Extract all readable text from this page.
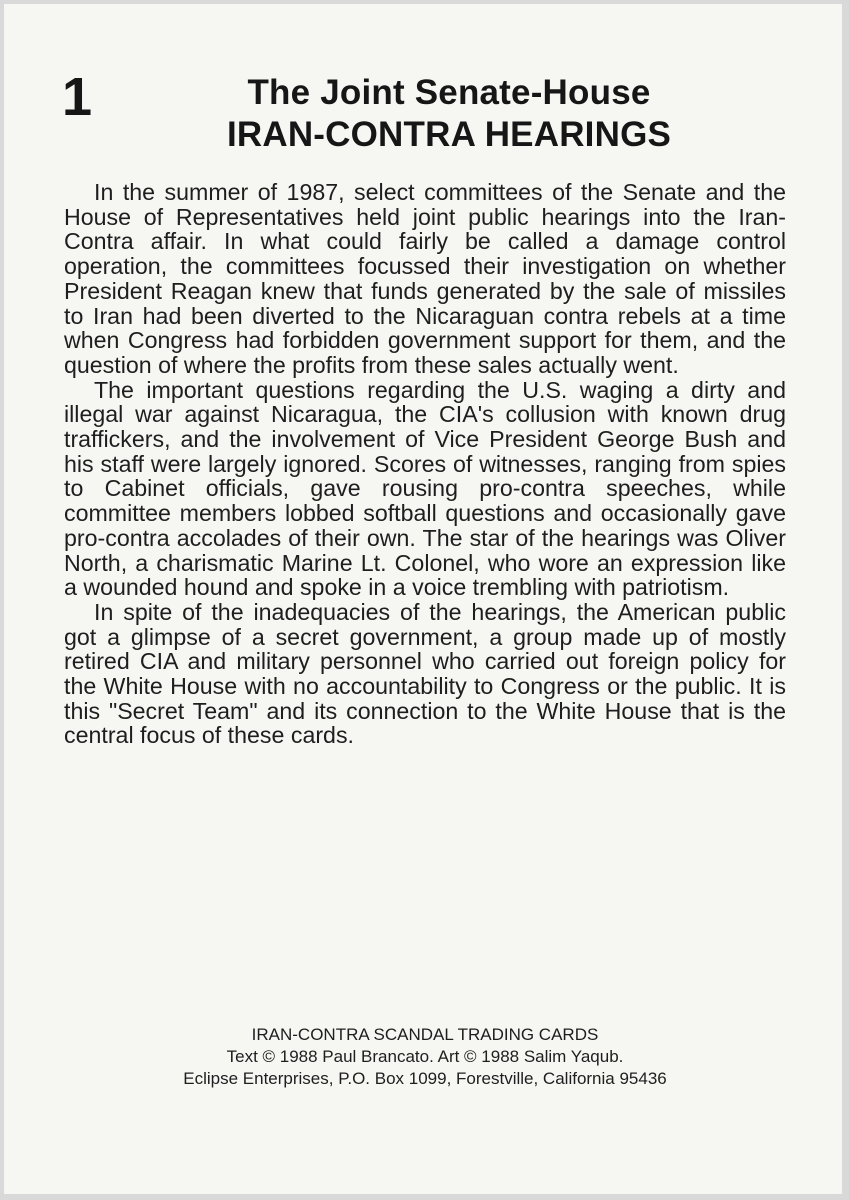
1	The Joint Senate-House
IRAN-CONTRA HEARINGS

In the summer of 1987, select committees of the Senate and the House of Representatives held joint public hearings into the Iran-Contra affair. In what could fairly be called a damage control operation, the committees focussed their investigation on whether President Reagan knew that funds generated by the sale of missiles to Iran had been diverted to the Nicaraguan contra rebels at a time when Congress had forbidden government support for them, and the question of where the profits from these sales actually went.

The important questions regarding the U.S. waging a dirty and illegal war against Nicaragua, the CIA's collusion with known drug traffickers, and the involvement of Vice President George Bush and his staff were largely ignored. Scores of witnesses, ranging from spies to Cabinet officials, gave rousing pro-contra speeches, while committee members lobbed softball questions and occasionally gave pro-contra accolades of their own. The star of the hearings was Oliver North, a charismatic Marine Lt. Colonel, who wore an expression like a wounded hound and spoke in a voice trembling with patriotism.

In spite of the inadequacies of the hearings, the American public got a glimpse of a secret government, a group made up of mostly retired CIA and military personnel who carried out foreign policy for the White House with no accountability to Congress or the public. It is this "Secret Team" and its connection to the White House that is the central focus of these cards.

IRAN-CONTRA SCANDAL TRADING CARDS
Text © 1988 Paul Brancato. Art © 1988 Salim Yaqub.
Eclipse Enterprises, P.O. Box 1099, Forestville, California 95436
